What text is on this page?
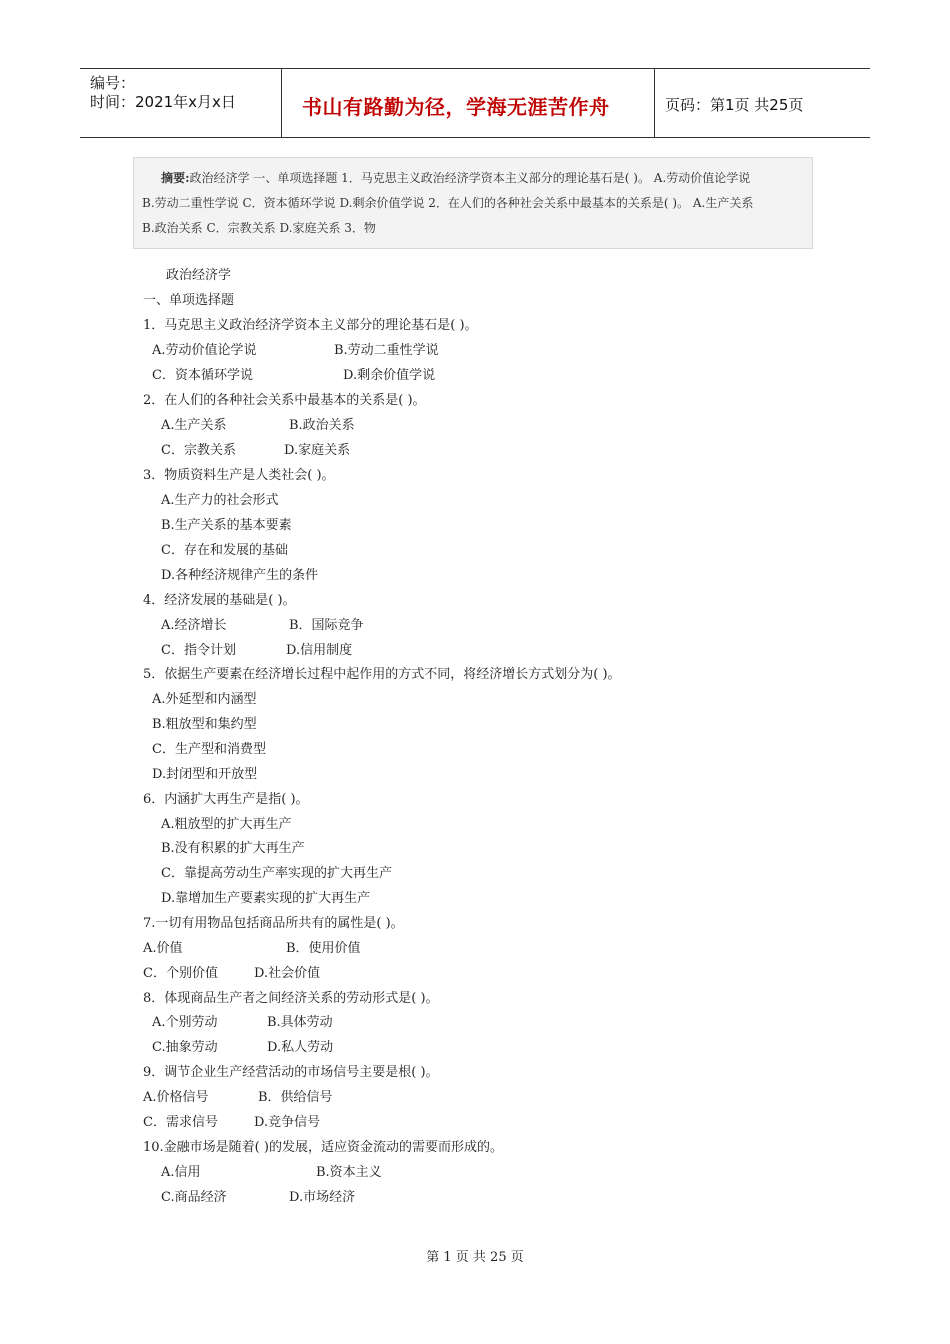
编号：
时间：2021年x月x日	书山有路勤为径，学海无涯苦作舟	页码：第1页 共25页
摘要:政治经济学 一、单项选择题 1．马克思主义政治经济学资本主义部分的理论基石是( )。 A.劳动价值论学说
B.劳动二重性学说 C．资本循环学说 D.剩余价值学说 2．在人们的各种社会关系中最基本的关系是( )。 A.生产关系
B.政治关系 C．宗教关系 D.家庭关系 3．物
政治经济学
一、单项选择题
1．马克思主义政治经济学资本主义部分的理论基石是( )。
A.劳动价值论学说	B.劳动二重性学说
C．资本循环学说	D.剩余价值学说
2．在人们的各种社会关系中最基本的关系是( )。
A.生产关系	B.政治关系
C．宗教关系	D.家庭关系
3．物质资料生产是人类社会( )。
A.生产力的社会形式
B.生产关系的基本要素
C．存在和发展的基础
D.各种经济规律产生的条件
4．经济发展的基础是( )。
A.经济增长	B．国际竞争
C．指令计划	D.信用制度
5．依据生产要素在经济增长过程中起作用的方式不同，将经济增长方式划分为( )。
A.外延型和内涵型
B.粗放型和集约型
C．生产型和消费型
D.封闭型和开放型
6．内涵扩大再生产是指( )。
A.粗放型的扩大再生产
B.没有积累的扩大再生产
C．靠提高劳动生产率实现的扩大再生产
D.靠增加生产要素实现的扩大再生产
7.一切有用物品包括商品所共有的属性是( )。
A.价值	B．使用价值
C．个别价值	D.社会价值
8．体现商品生产者之间经济关系的劳动形式是( )。
A.个别劳动	B.具体劳动
C.抽象劳动	D.私人劳动
9．调节企业生产经营活动的市场信号主要是根( )。
A.价格信号	B．供给信号
C．需求信号	D.竞争信号
10.金融市场是随着( )的发展，适应资金流动的需要而形成的。
A.信用	B.资本主义
C.商品经济	D.市场经济
第 1 页 共 25 页
